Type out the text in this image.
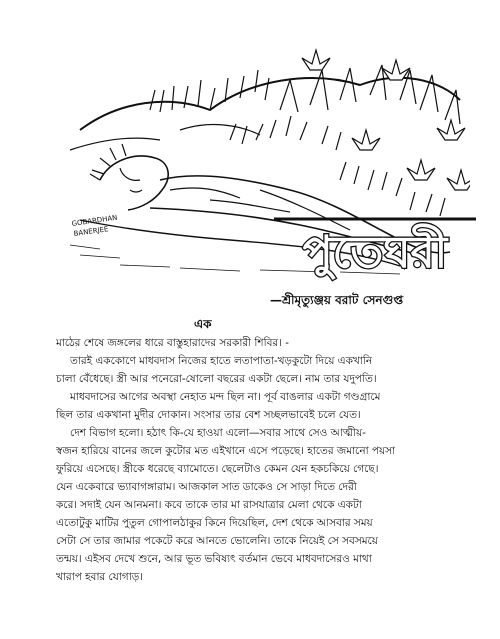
GOBARDHAN
BANERJEE	পুতেঘরী
—শ্রীমৃত্যুঞ্জয় বরাট সেনগুপ্ত
এক
মাঠের শেষে জঙ্গলের ধারে বাস্তুহারাদের সরকারী শিবির। -
তারই এককোণে মাধবদাস নিজের হাতে লতাপাতা-খড়কুটো দিয়ে একখানি
চালা বেঁধেছে। স্ত্রী আর পনেরো-ষোলো বছরের একটা ছেলে। নাম তার যদুপতি।
মাধবদাসের আগের অবস্থা নেহাত মন্দ ছিল না। পূর্ব বাঙলার একটা গণ্ডগ্রামে
ছিল তার একখানা মুদীর দোকান। সংসার তার বেশ সচ্ছলভাবেই চলে যেত।
দেশ বিভাগ হলো। হঠাৎ কি-যে হাওয়া এলো—সবার সাথে সেও আত্মীয়-
স্বজন হারিয়ে বানের জলে কুটোর মত এইখানে এসে পড়েছে। হাতের জমানো পয়সা
ফুরিয়ে এসেছে। স্ত্রীকে ধরেছে ব্যামোতে। ছেলেটাও কেমন যেন হকচকিয়ে গেছে।
যেন একেবারে ভ্যাবাগঙ্গারাম। আজকাল সাত ডাকেও সে সাড়া দিতে দেরী
করে। সদাই যেন আনমনা। কবে তাকে তার মা রাসযাত্রার মেলা থেকে একটা
এতোটুকু মাটির পুতুল গোপালঠাকুর কিনে দিয়েছিল, দেশ থেকে আসবার সময়
সেটা সে তার জামার পকেটে করে আনতে ভোলেনি। তাকে নিয়েই সে সবসময়ে
তন্ময়। এইসব দেখে শুনে, আর ভূত ভবিষ্যৎ বর্তমান ভেবে মাধবদাসেরও মাথা
খারাপ হবার যোগাড়।
